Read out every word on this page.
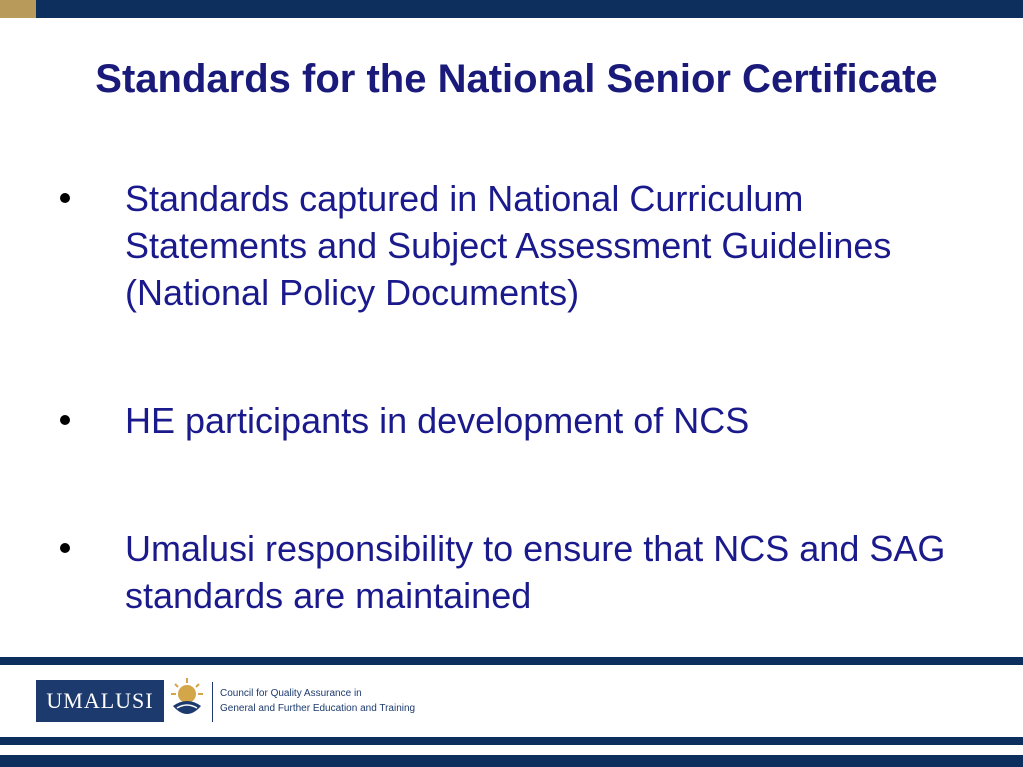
Standards for the National Senior Certificate
Standards captured in National Curriculum Statements and Subject Assessment Guidelines (National Policy Documents)
HE participants in development of NCS
Umalusi responsibility to ensure that NCS and SAG standards are maintained
UMALUSI	Council for Quality Assurance in
General and Further Education and Training
